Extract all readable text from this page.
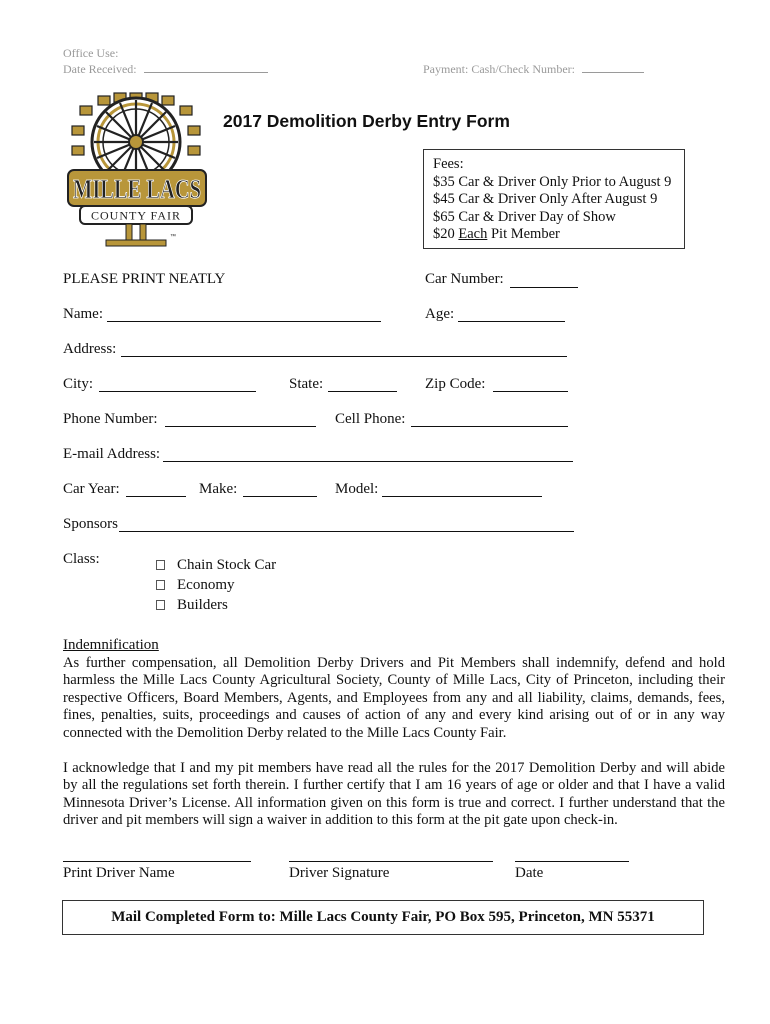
Office Use:
Date Received:	Payment: Cash/Check Number:
MILLE LACS
COUNTY FAIR
™
2017 Demolition Derby Entry Form
Fees:
$35 Car & Driver Only Prior to August 9
$45 Car & Driver Only After August 9
$65 Car & Driver Day of Show
$20 Each Pit Member
PLEASE PRINT NEATLY	Car Number:
Name:	Age:
Address:
City:	State:	Zip Code:
Phone Number:	Cell Phone:
E-mail Address:
Car Year:	Make:	Model:
Sponsors
Class:	Chain Stock Car
Economy
Builders
Indemnification
As further compensation, all Demolition Derby Drivers and Pit Members shall indemnify, defend and hold harmless the Mille Lacs County Agricultural Society, County of Mille Lacs, City of Princeton, including their respective Officers, Board Members, Agents, and Employees from any and all liability, claims, demands, fees, fines, penalties, suits, proceedings and causes of action of any and every kind arising out of or in any way connected with the Demolition Derby related to the Mille Lacs County Fair.
I acknowledge that I and my pit members have read all the rules for the 2017 Demolition Derby and will abide by all the regulations set forth therein. I further certify that I am 16 years of age or older and that I have a valid Minnesota Driver’s License. All information given on this form is true and correct. I further understand that the driver and pit members will sign a waiver in addition to this form at the pit gate upon check-in.
Print Driver Name	Driver Signature	Date
Mail Completed Form to: Mille Lacs County Fair, PO Box 595, Princeton, MN 55371
